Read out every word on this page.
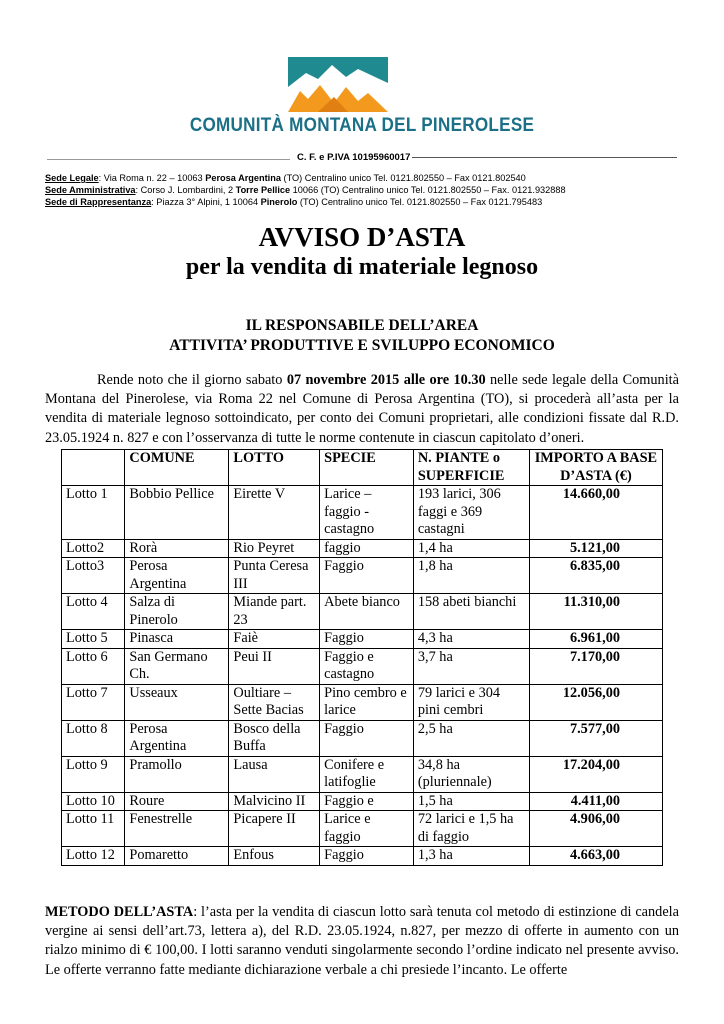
COMUNITÀ MONTANA DEL PINEROLESE
C. F. e P.IVA 10195960017
Sede Legale: Via Roma n. 22 – 10063 Perosa Argentina (TO) Centralino unico Tel. 0121.802550 – Fax 0121.802540
Sede Amministrativa: Corso J. Lombardini, 2 Torre Pellice 10066 (TO) Centralino unico Tel. 0121.802550 – Fax. 0121.932888
Sede di Rappresentanza: Piazza 3° Alpini, 1 10064 Pinerolo (TO) Centralino unico Tel. 0121.802550 – Fax 0121.795483
AVVISO D’ASTA
per la vendita di materiale legnoso
IL RESPONSABILE DELL’AREA
ATTIVITA’ PRODUTTIVE E SVILUPPO ECONOMICO

Rende noto che il giorno sabato 07 novembre 2015 alle ore 10.30 nelle sede legale della Comunità Montana del Pinerolese, via Roma 22 nel Comune di Perosa Argentina (TO), si procederà all’asta per la vendita di materiale legnoso sottoindicato, per conto dei Comuni proprietari, alle condizioni fissate dal R.D. 23.05.1924 n. 827 e con l’osservanza di tutte le norme contenute in ciascun capitolato d’oneri.

	COMUNE	LOTTO	SPECIE	N. PIANTE o SUPERFICIE	IMPORTO A BASE D’ASTA (€)
Lotto 1	Bobbio Pellice	Eirette V	Larice – faggio - castagno	193 larici, 306 faggi e 369 castagni	14.660,00
Lotto2	Rorà	Rio Peyret	faggio	1,4 ha	5.121,00
Lotto3	Perosa Argentina	Punta Ceresa III	Faggio	1,8 ha	6.835,00
Lotto 4	Salza di Pinerolo	Miande part. 23	Abete bianco	158 abeti bianchi	11.310,00
Lotto 5	Pinasca	Faiè	Faggio	4,3 ha	6.961,00
Lotto 6	San Germano Ch.	Peui II	Faggio e castagno	3,7 ha	7.170,00
Lotto 7	Usseaux	Oultiare – Sette Bacias	Pino cembro e larice	79 larici e 304 pini cembri	12.056,00
Lotto 8	Perosa Argentina	Bosco della Buffa	Faggio	2,5 ha	7.577,00
Lotto 9	Pramollo	Lausa	Conifere e latifoglie	34,8 ha (pluriennale)	17.204,00
Lotto 10	Roure	Malvicino II	Faggio e	1,5 ha	4.411,00
Lotto 11	Fenestrelle	Picapere II	Larice e faggio	72 larici e 1,5 ha di faggio	4.906,00
Lotto 12	Pomaretto	Enfous	Faggio	1,3 ha	4.663,00

METODO DELL’ASTA: l’asta per la vendita di ciascun lotto sarà tenuta col metodo di estinzione di candela vergine ai sensi dell’art.73, lettera a), del R.D. 23.05.1924, n.827, per mezzo di offerte in aumento con un rialzo minimo di € 100,00. I lotti saranno venduti singolarmente secondo l’ordine indicato nel presente avviso. Le offerte verranno fatte mediante dichiarazione verbale a chi presiede l’incanto. Le offerte
